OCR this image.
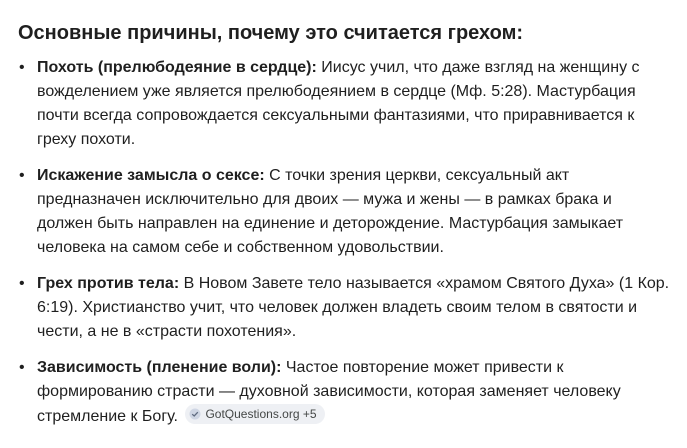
Основные причины, почему это считается грехом:
• Похоть (прелюбодеяние в сердце): Иисус учил, что даже взгляд на женщину с вожделением уже является прелюбодеянием в сердце (Мф. 5:28). Мастурбация почти всегда сопровождается сексуальными фантазиями, что приравнивается к греху похоти.
• Искажение замысла о сексе: С точки зрения церкви, сексуальный акт предназначен исключительно для двоих — мужа и жены — в рамках брака и должен быть направлен на единение и деторождение. Мастурбация замыкает человека на самом себе и собственном удовольствии.
• Грех против тела: В Новом Завете тело называется «храмом Святого Духа» (1 Кор. 6:19). Христианство учит, что человек должен владеть своим телом в святости и чести, а не в «страсти похотения».
• Зависимость (пленение воли): Частое повторение может привести к формированию страсти — духовной зависимости, которая заменяет человеку стремление к Богу. GotQuestions.org +5
